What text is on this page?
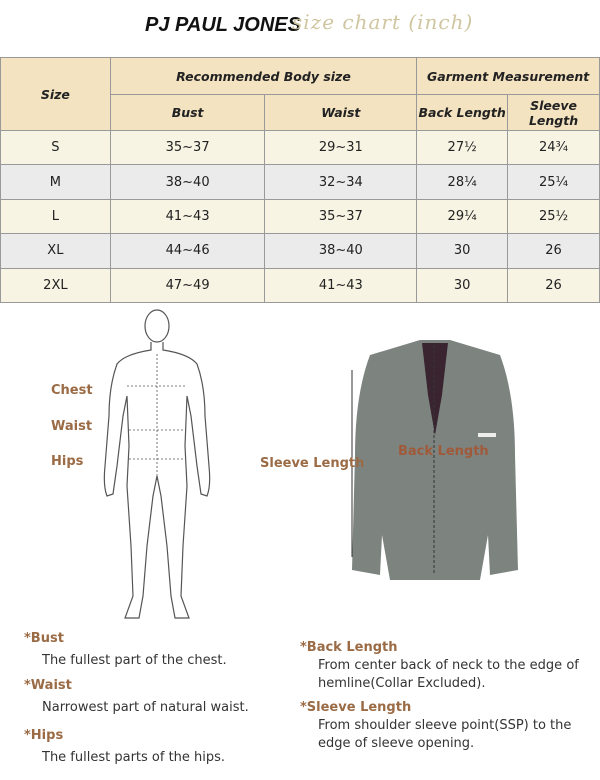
PJ PAUL JONES
size chart (inch)
Size	Recommended Body size		Garment Measurement	
	Bust	Waist	Back Length	Sleeve Length
S	35~37	29~31	27½	24¾
M	38~40	32~34	28¼	25¼
L	41~43	35~37	29¼	25½
XL	44~46	38~40	30	26
2XL	47~49	41~43	30	26
Chest
Waist
Hips	Sleeve Length
Back Length
*Bust
The fullest part of the chest.
*Waist
Narrowest part of natural waist.
*Hips
The fullest parts of the hips.
*Back Length
From center back of neck to the edge of hemline(Collar Excluded).
*Sleeve Length
From shoulder sleeve point(SSP) to the edge of sleeve opening.
